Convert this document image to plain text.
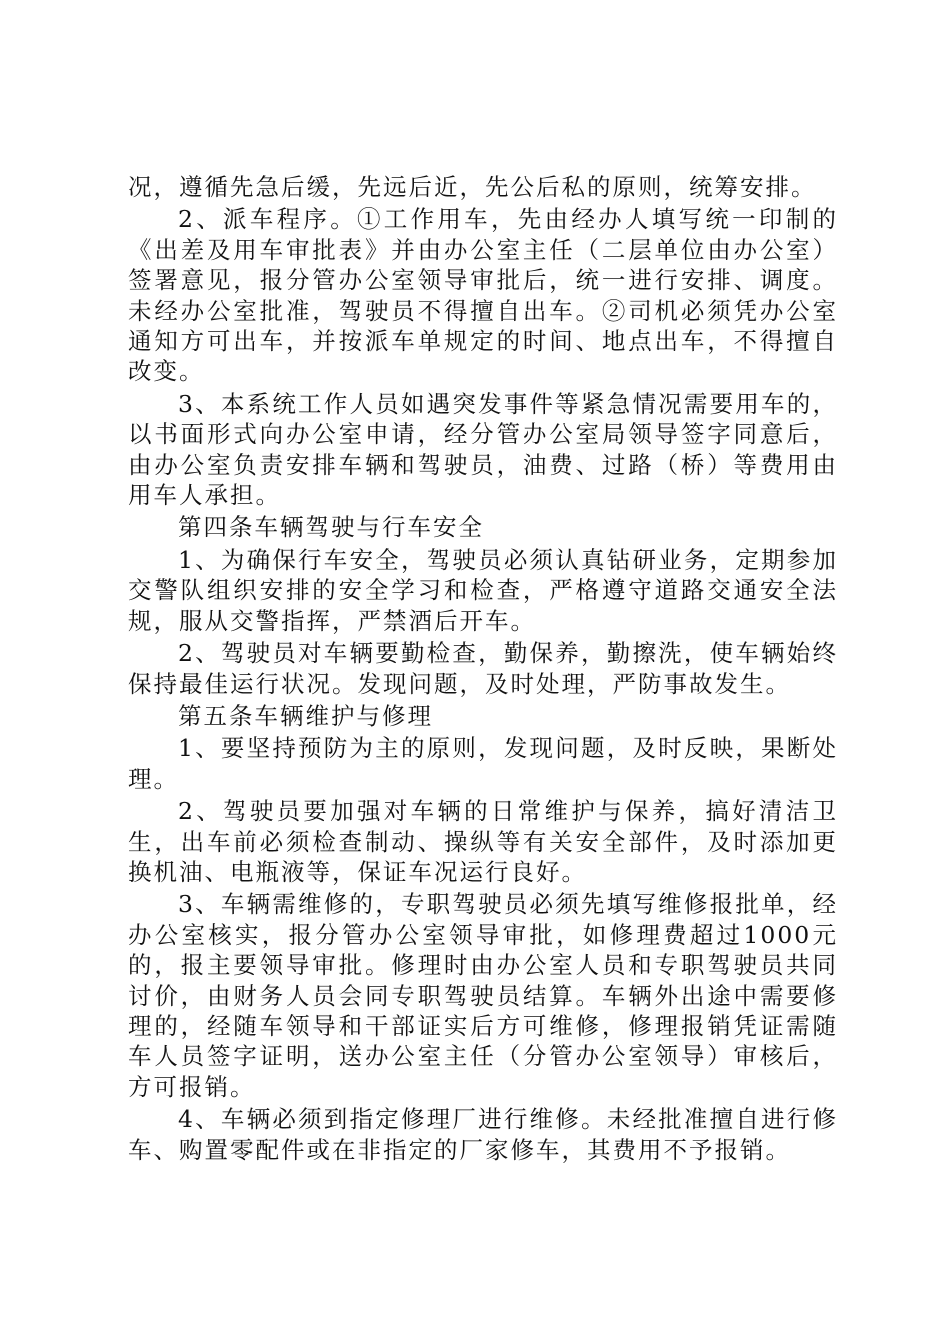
况，遵循先急后缓，先远后近，先公后私的原则，统筹安排。

2、派车程序。①工作用车，先由经办人填写统一印制的《出差及用车审批表》并由办公室主任（二层单位由办公室）签署意见，报分管办公室领导审批后，统一进行安排、调度。未经办公室批准，驾驶员不得擅自出车。②司机必须凭办公室通知方可出车，并按派车单规定的时间、地点出车，不得擅自改变。

3、本系统工作人员如遇突发事件等紧急情况需要用车的，以书面形式向办公室申请，经分管办公室局领导签字同意后，由办公室负责安排车辆和驾驶员，油费、过路（桥）等费用由用车人承担。

第四条车辆驾驶与行车安全

1、为确保行车安全，驾驶员必须认真钻研业务，定期参加交警队组织安排的安全学习和检查，严格遵守道路交通安全法规，服从交警指挥，严禁酒后开车。

2、驾驶员对车辆要勤检查，勤保养，勤擦洗，使车辆始终保持最佳运行状况。发现问题，及时处理，严防事故发生。

第五条车辆维护与修理

1、要坚持预防为主的原则，发现问题，及时反映，果断处理。

2、驾驶员要加强对车辆的日常维护与保养，搞好清洁卫生，出车前必须检查制动、操纵等有关安全部件，及时添加更换机油、电瓶液等，保证车况运行良好。

3、车辆需维修的，专职驾驶员必须先填写维修报批单，经办公室核实，报分管办公室领导审批，如修理费超过1000元的，报主要领导审批。修理时由办公室人员和专职驾驶员共同讨价，由财务人员会同专职驾驶员结算。车辆外出途中需要修理的，经随车领导和干部证实后方可维修，修理报销凭证需随车人员签字证明，送办公室主任（分管办公室领导）审核后，方可报销。

4、车辆必须到指定修理厂进行维修。未经批准擅自进行修车、购置零配件或在非指定的厂家修车，其费用不予报销。
